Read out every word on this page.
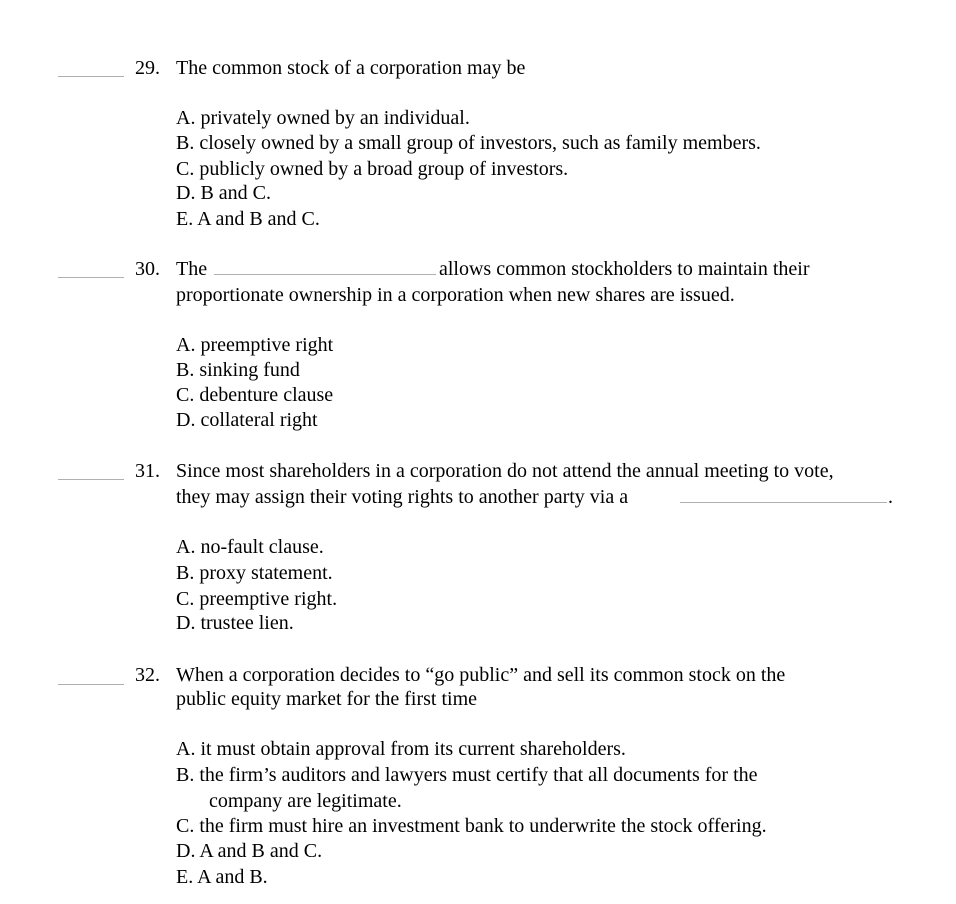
29. The common stock of a corporation may be
A. privately owned by an individual.
B. closely owned by a small group of investors, such as family members.
C. publicly owned by a broad group of investors.
D. B and C.
E. A and B and C.
30. The	allows common stockholders to maintain their
proportionate ownership in a corporation when new shares are issued.
A. preemptive right
B. sinking fund
C. debenture clause
D. collateral right
31. Since most shareholders in a corporation do not attend the annual meeting to vote,
they may assign their voting rights to another party via a	.
A. no-fault clause.
B. proxy statement.
C. preemptive right.
D. trustee lien.
32. When a corporation decides to “go public” and sell its common stock on the
public equity market for the first time
A. it must obtain approval from its current shareholders.
B. the firm’s auditors and lawyers must certify that all documents for the
company are legitimate.
C. the firm must hire an investment bank to underwrite the stock offering.
D. A and B and C.
E. A and B.
